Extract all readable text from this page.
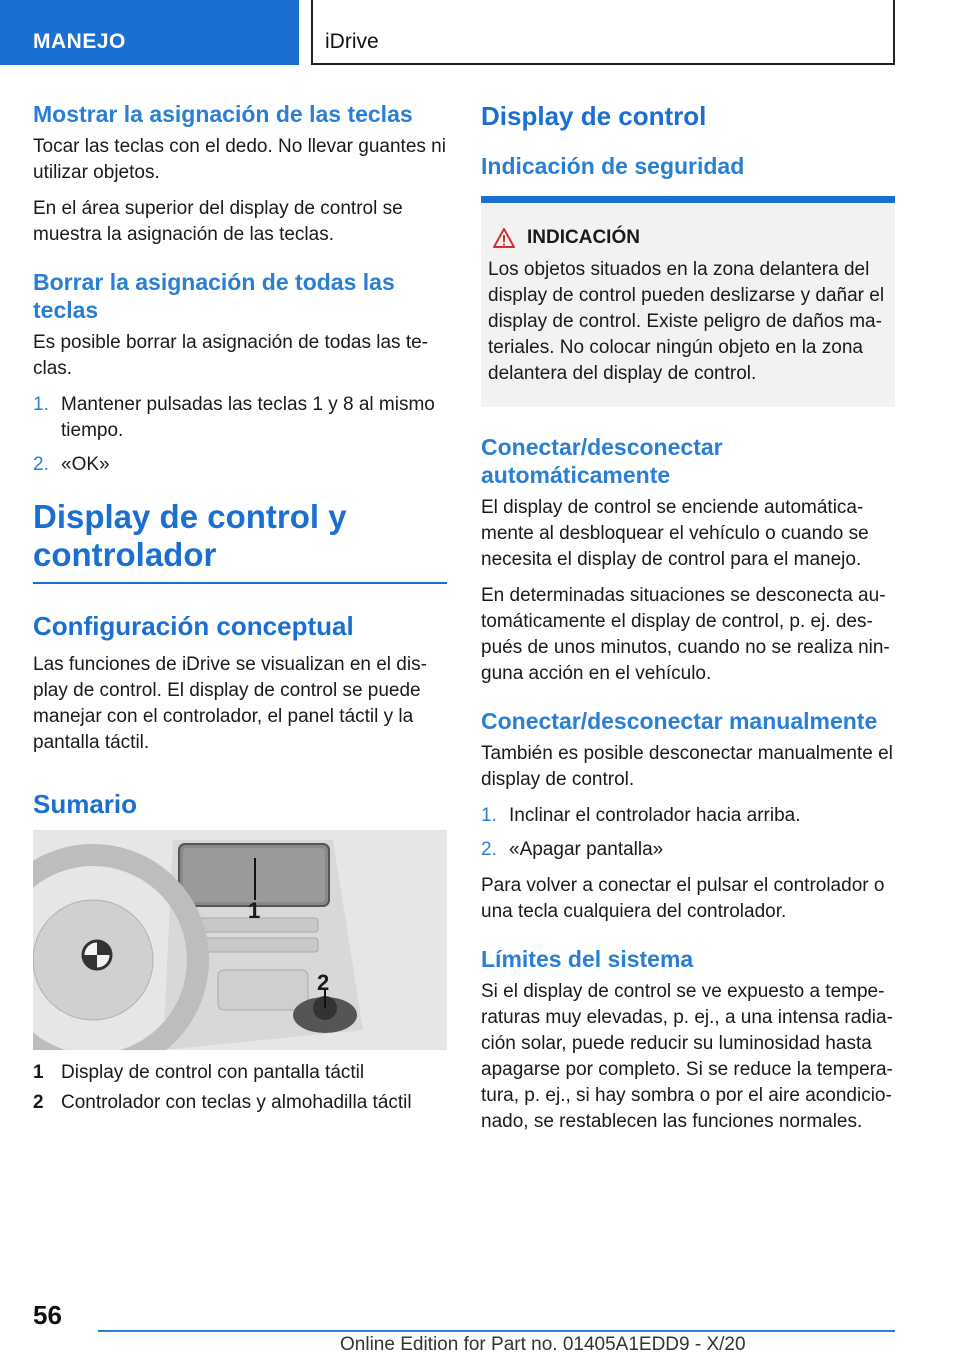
MANEJO	iDrive
Mostrar la asignación de las teclas

Tocar las teclas con el dedo. No llevar guantes ni utilizar objetos.

En el área superior del display de control se muestra la asignación de las teclas.

Borrar la asignación de todas las teclas

Es posible borrar la asignación de todas las te‐ clas.

1. Mantener pulsadas las teclas 1 y 8 al mismo tiempo.
2. «OK»
Display de control y controlador
Configuración conceptual

Las funciones de iDrive se visualizan en el dis‐ play de control. El display de control se puede manejar con el controlador, el panel táctil y la pantalla táctil.

Sumario
1
2
1 Display de control con pantalla táctil
2 Controlador con teclas y almohadilla táctil
Display de control
Indicación de seguridad
INDICACIÓN

Los objetos situados en la zona delantera del display de control pueden deslizarse y dañar el display de control. Existe peligro de daños ma‐ teriales. No colocar ningún objeto en la zona delantera del display de control.

Conectar/desconectar automáticamente

El display de control se enciende automática‐ mente al desbloquear el vehículo o cuando se necesita el display de control para el manejo.

En determinadas situaciones se desconecta au‐ tomáticamente el display de control, p. ej. des‐ pués de unos minutos, cuando no se realiza nin‐ guna acción en el vehículo.

Conectar/desconectar manualmente

También es posible desconectar manualmente el display de control.

1. Inclinar el controlador hacia arriba.
2. «Apagar pantalla»

Para volver a conectar el pulsar el controlador o una tecla cualquiera del controlador.

Límites del sistema

Si el display de control se ve expuesto a tempe‐ raturas muy elevadas, p. ej., a una intensa radia‐ ción solar, puede reducir su luminosidad hasta apagarse por completo. Si se reduce la tempera‐ tura, p. ej., si hay sombra o por el aire acondicio‐ nado, se restablecen las funciones normales.

56
Online Edition for Part no. 01405A1EDD9 - X/20
